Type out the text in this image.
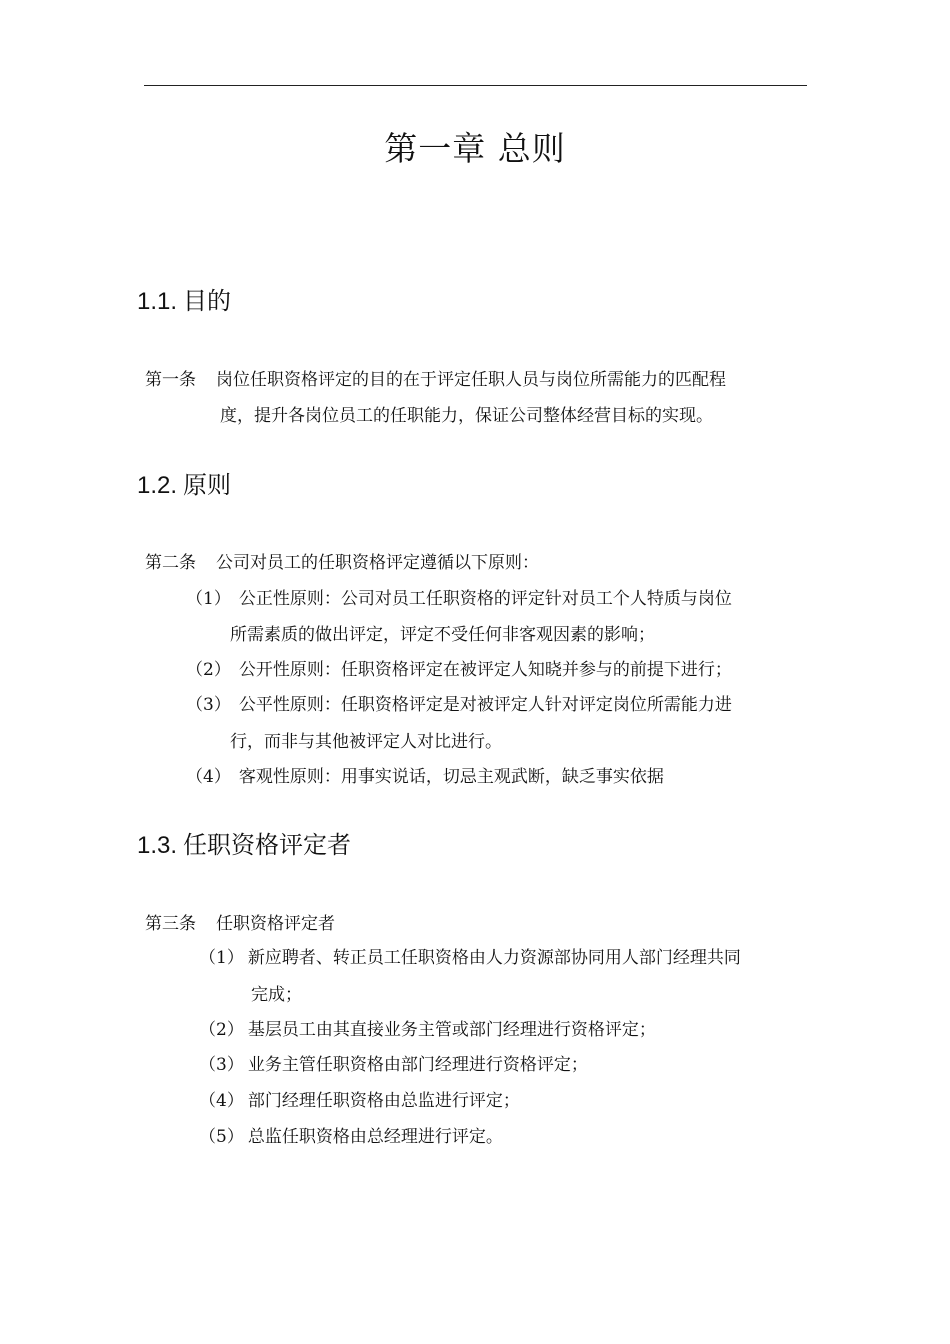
第一章 总则
1.1. 目的
第一条 岗位任职资格评定的目的在于评定任职人员与岗位所需能力的匹配程
度，提升各岗位员工的任职能力，保证公司整体经营目标的实现。
1.2. 原则
第二条 公司对员工的任职资格评定遵循以下原则：
（1） 公正性原则：公司对员工任职资格的评定针对员工个人特质与岗位
所需素质的做出评定，评定不受任何非客观因素的影响；
（2） 公开性原则：任职资格评定在被评定人知晓并参与的前提下进行；
（3） 公平性原则：任职资格评定是对被评定人针对评定岗位所需能力进
行，而非与其他被评定人对比进行。
（4） 客观性原则：用事实说话，切忌主观武断，缺乏事实依据
1.3. 任职资格评定者
第三条 任职资格评定者
（1） 新应聘者、转正员工任职资格由人力资源部协同用人部门经理共同
完成；
（2） 基层员工由其直接业务主管或部门经理进行资格评定；
（3） 业务主管任职资格由部门经理进行资格评定；
（4） 部门经理任职资格由总监进行评定；
（5） 总监任职资格由总经理进行评定。
